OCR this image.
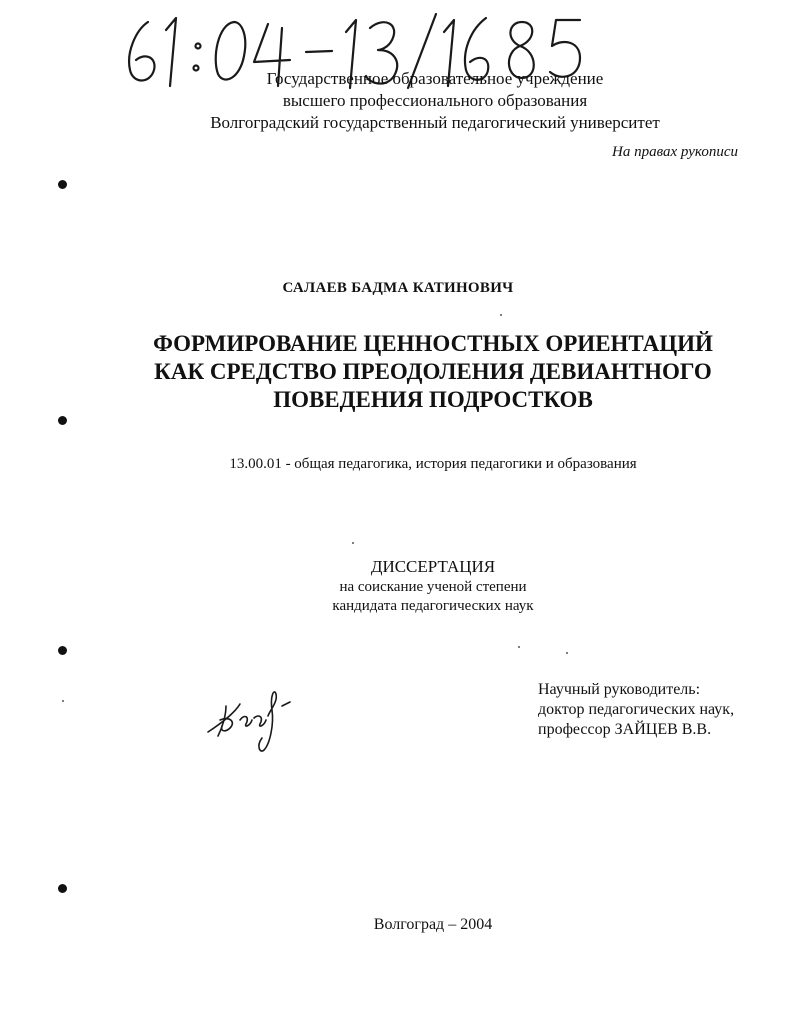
Государственное образовательное учреждение
высшего профессионального образования
Волгоградский государственный педагогический университет
На правах рукописи
САЛАЕВ БАДМА КАТИНОВИЧ
ФОРМИРОВАНИЕ ЦЕННОСТНЫХ ОРИЕНТАЦИЙ
КАК СРЕДСТВО ПРЕОДОЛЕНИЯ ДЕВИАНТНОГО
ПОВЕДЕНИЯ ПОДРОСТКОВ
13.00.01 - общая педагогика, история педагогики и образования
ДИССЕРТАЦИЯ
на соискание ученой степени
кандидата педагогических наук
Научный руководитель:
доктор педагогических наук,
профессор ЗАЙЦЕВ В.В.
Волгоград – 2004
